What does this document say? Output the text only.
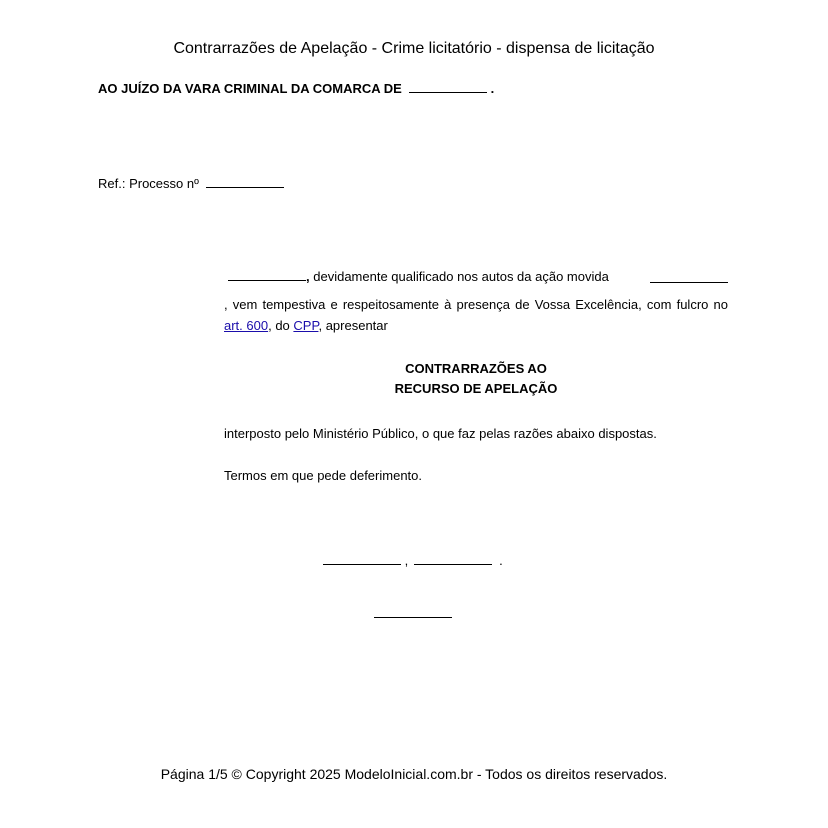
Contrarrazões de Apelação - Crime licitatório - dispensa de licitação
AO JUÍZO DA VARA CRIMINAL DA COMARCA DE	.
Ref.: Processo nº
, devidamente qualificado nos autos da ação movida
, vem tempestiva e respeitosamente à presença de Vossa Excelência, com fulcro no art. 600, do CPP, apresentar
CONTRARRAZÕES AO
RECURSO DE APELAÇÃO
interposto pelo Ministério Público, o que faz pelas razões abaixo dispostas.
Termos em que pede deferimento.
,	.
Página 1/5 © Copyright 2025 ModeloInicial.com.br - Todos os direitos reservados.
